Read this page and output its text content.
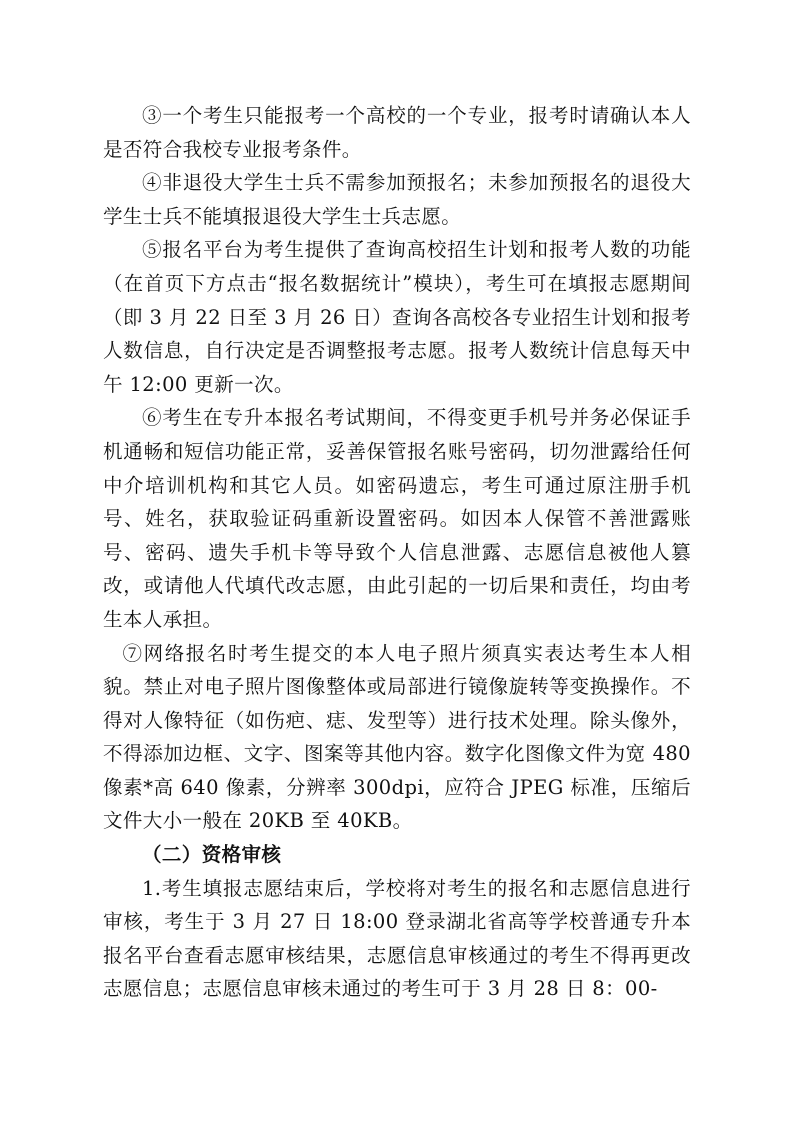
③一个考生只能报考一个高校的一个专业，报考时请确认本人是否符合我校专业报考条件。

④非退役大学生士兵不需参加预报名；未参加预报名的退役大学生士兵不能填报退役大学生士兵志愿。

⑤报名平台为考生提供了查询高校招生计划和报考人数的功能（在首页下方点击“报名数据统计”模块），考生可在填报志愿期间（即 3 月 22 日至 3 月 26 日）查询各高校各专业招生计划和报考人数信息，自行决定是否调整报考志愿。报考人数统计信息每天中午 12:00 更新一次。

⑥考生在专升本报名考试期间，不得变更手机号并务必保证手机通畅和短信功能正常，妥善保管报名账号密码，切勿泄露给任何中介培训机构和其它人员。如密码遗忘，考生可通过原注册手机号、姓名，获取验证码重新设置密码。如因本人保管不善泄露账号、密码、遗失手机卡等导致个人信息泄露、志愿信息被他人篡改，或请他人代填代改志愿，由此引起的一切后果和责任，均由考生本人承担。

⑦网络报名时考生提交的本人电子照片须真实表达考生本人相貌。禁止对电子照片图像整体或局部进行镜像旋转等变换操作。不得对人像特征（如伤疤、痣、发型等）进行技术处理。除头像外，不得添加边框、文字、图案等其他内容。数字化图像文件为宽 480 像素*高 640 像素，分辨率 300dpi，应符合 JPEG 标准，压缩后文件大小一般在 20KB 至 40KB。

（二）资格审核

1.考生填报志愿结束后，学校将对考生的报名和志愿信息进行审核，考生于 3 月 27 日 18:00 登录湖北省高等学校普通专升本报名平台查看志愿审核结果，志愿信息审核通过的考生不得再更改志愿信息；志愿信息审核未通过的考生可于 3 月 28 日 8：00-
